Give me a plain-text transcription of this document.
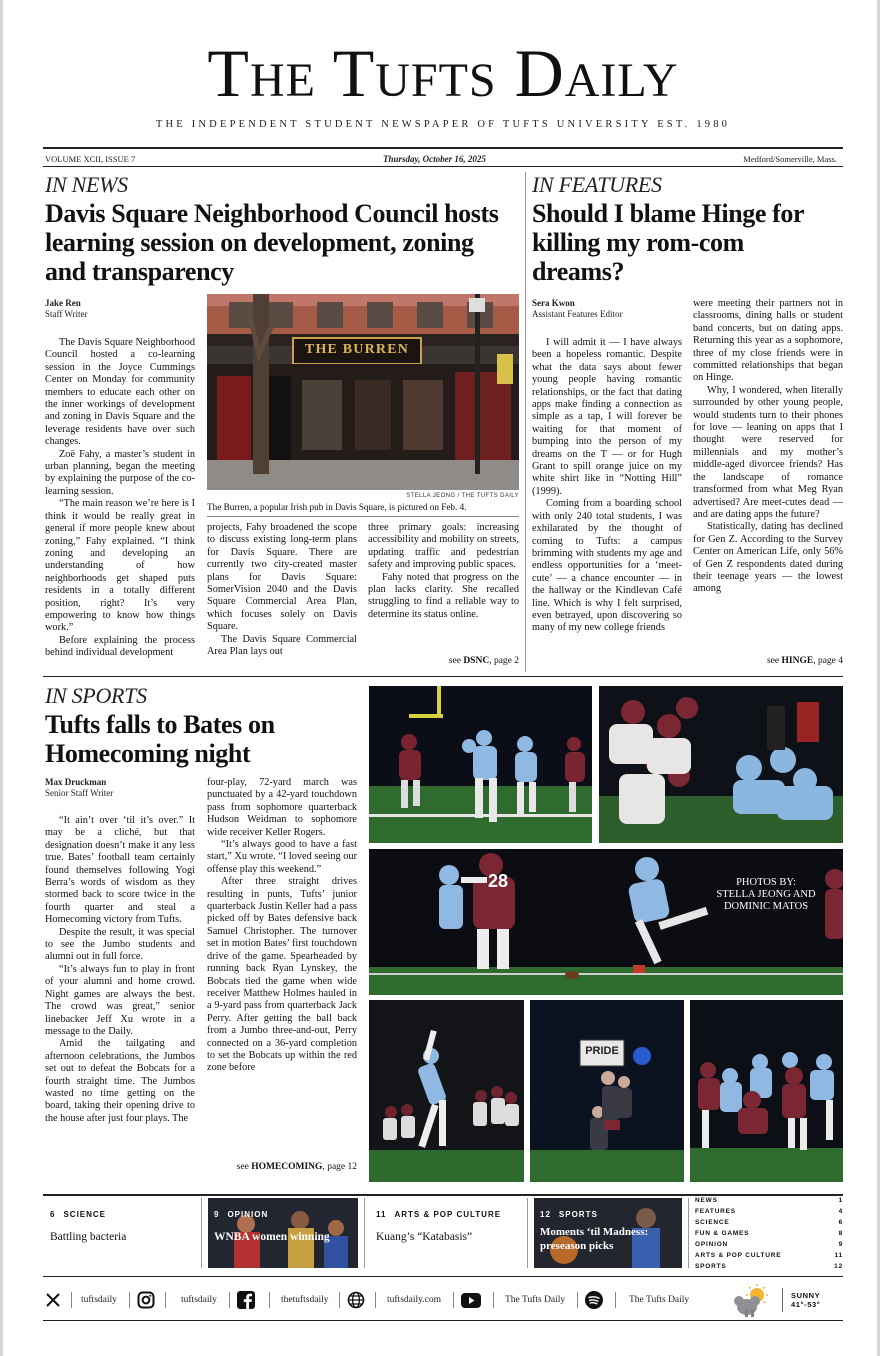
The Tufts Daily
THE INDEPENDENT STUDENT NEWSPAPER OF TUFTS UNIVERSITY EST. 1980
VOLUME XCII, ISSUE 7	Thursday, October 16, 2025	Medford/Somerville, Mass.
IN NEWS
Davis Square Neighborhood Council hosts learning session on development, zoning and transparency
Jake Ren
Staff Writer

The Davis Square Neighborhood Council hosted a co-learning session in the Joyce Cummings Center on Monday for community members to educate each other on the inner workings of development and zoning in Davis Square and the leverage residents have over such changes.

Zoë Fahy, a master’s student in urban planning, began the meeting by explaining the purpose of the co-learning session.

“The main reason we’re here is I think it would be really great in general if more people knew about zoning,” Fahy explained. “I think zoning and developing an understanding of how neighborhoods get shaped puts residents in a totally different position, right? It’s very empowering to know how things work.”

Before explaining the process behind individual development

THE BURREN
STELLA JEONG / THE TUFTS DAILY
The Burren, a popular Irish pub in Davis Square, is pictured on Feb. 4.

projects, Fahy broadened the scope to discuss existing long-term plans for Davis Square. There are currently two city-created master plans for Davis Square: SomerVision 2040 and the Davis Square Commercial Area Plan, which focuses solely on Davis Square.

The Davis Square Commercial Area Plan lays out

three primary goals: increasing accessibility and mobility on streets, updating traffic and pedestrian safety and improving public spaces.

Fahy noted that progress on the plan lacks clarity. She recalled struggling to find a reliable way to determine its status online.

see DSNC, page 2
IN FEATURES
Should I blame Hinge for killing my rom-com dreams?
Sera Kwon
Assistant Features Editor

I will admit it — I have always been a hopeless romantic. Despite what the data says about fewer young people having romantic relationships, or the fact that dating apps make finding a connection as simple as a tap, I will forever be waiting for that moment of bumping into the person of my dreams on the T — or for Hugh Grant to spill orange juice on my white shirt like in “Notting Hill” (1999).

Coming from a boarding school with only 240 total students, I was exhilarated by the thought of coming to Tufts: a campus brimming with students my age and endless opportunities for a ‘meet-cute’ — a chance encounter — in the hallway or the Kindlevan Café line. Which is why I felt surprised, even betrayed, upon discovering so many of my new college friends

were meeting their partners not in classrooms, dining halls or student band concerts, but on dating apps. Returning this year as a sophomore, three of my close friends were in committed relationships that began on Hinge.

Why, I wondered, when literally surrounded by other young people, would students turn to their phones for love — leaning on apps that I thought were reserved for millennials and my mother’s middle-aged divorcee friends? Has the landscape of romance transformed from what Meg Ryan advertised? Are meet-cutes dead — and are dating apps the future?

Statistically, dating has declined for Gen Z. According to the Survey Center on American Life, only 56% of Gen Z respondents dated during their teenage years — the lowest among

see HINGE, page 4
IN SPORTS
Tufts falls to Bates on Homecoming night
Max Druckman
Senior Staff Writer

“It ain’t over ‘til it’s over.” It may be a cliché, but that designation doesn’t make it any less true. Bates’ football team certainly found themselves following Yogi Berra’s words of wisdom as they stormed back to score twice in the fourth quarter and steal a Homecoming victory from Tufts.

Despite the result, it was special to see the Jumbo students and alumni out in full force.

“It’s always fun to play in front of your alumni and home crowd. Night games are always the best. The crowd was great,” senior linebacker Jeff Xu wrote in a message to the Daily.

Amid the tailgating and afternoon celebrations, the Jumbos set out to defeat the Bobcats for a fourth straight time. The Jumbos wasted no time getting on the board, taking their opening drive to the house after just four plays. The

four-play, 72-yard march was punctuated by a 42-yard touchdown pass from sophomore quarterback Hudson Weidman to sophomore wide receiver Keller Rogers.

“It’s always good to have a fast start,” Xu wrote. “I loved seeing our offense play this weekend.”

After three straight drives resulting in punts, Tufts’ junior quarterback Justin Keller had a pass picked off by Bates defensive back Samuel Christopher. The turnover set in motion Bates’ first touchdown drive of the game. Spearheaded by running back Ryan Lynskey, the Bobcats tied the game when wide receiver Matthew Holmes hauled in a 9-yard pass from quarterback Jack Perry. After getting the ball back from a Jumbo three-and-out, Perry connected on a 36-yard completion to set the Bobcats up within the red zone before

see HOMECOMING, page 12
28	PHOTOS BY:
STELLA JEONG AND
DOMINIC MATOS
PRIDE
6 SCIENCE
Battling bacteria
9 OPINION
WNBA women winning
11 ARTS & POP CULTURE
Kuang’s “Katabasis”
12 SPORTS
Moments ‘til Madness: preseason picks
NEWS	1
FEATURES	4
SCIENCE	6
FUN & GAMES	8
OPINION	9
ARTS & POP CULTURE	11
SPORTS	12
tuftsdaily	tuftsdaily	thetuftsdaily	tuftsdaily.com	The Tufts Daily	The Tufts Daily	SUNNY
41°-53°
